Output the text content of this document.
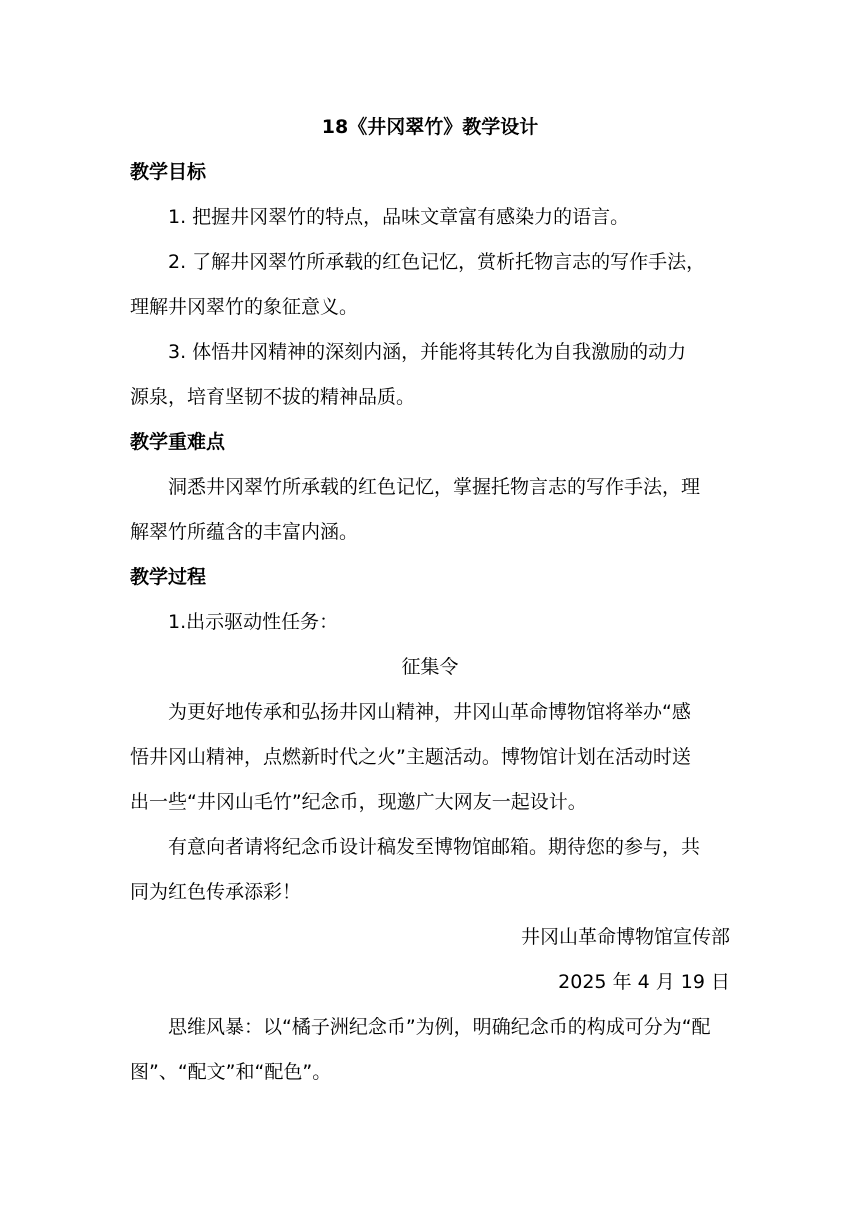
18《井冈翠竹》教学设计
教学目标
1. 把握井冈翠竹的特点，品味文章富有感染力的语言。
2. 了解井冈翠竹所承载的红色记忆，赏析托物言志的写作手法，
理解井冈翠竹的象征意义。
3. 体悟井冈精神的深刻内涵，并能将其转化为自我激励的动力
源泉，培育坚韧不拔的精神品质。
教学重难点
洞悉井冈翠竹所承载的红色记忆，掌握托物言志的写作手法，理
解翠竹所蕴含的丰富内涵。
教学过程
1.出示驱动性任务：
征集令
为更好地传承和弘扬井冈山精神，井冈山革命博物馆将举办“感
悟井冈山精神，点燃新时代之火”主题活动。博物馆计划在活动时送
出一些“井冈山毛竹”纪念币，现邀广大网友一起设计。
有意向者请将纪念币设计稿发至博物馆邮箱。期待您的参与，共
同为红色传承添彩！
井冈山革命博物馆宣传部
2025 年 4 月 19 日
思维风暴：以“橘子洲纪念币”为例，明确纪念币的构成可分为“配
图”、“配文”和“配色”。
